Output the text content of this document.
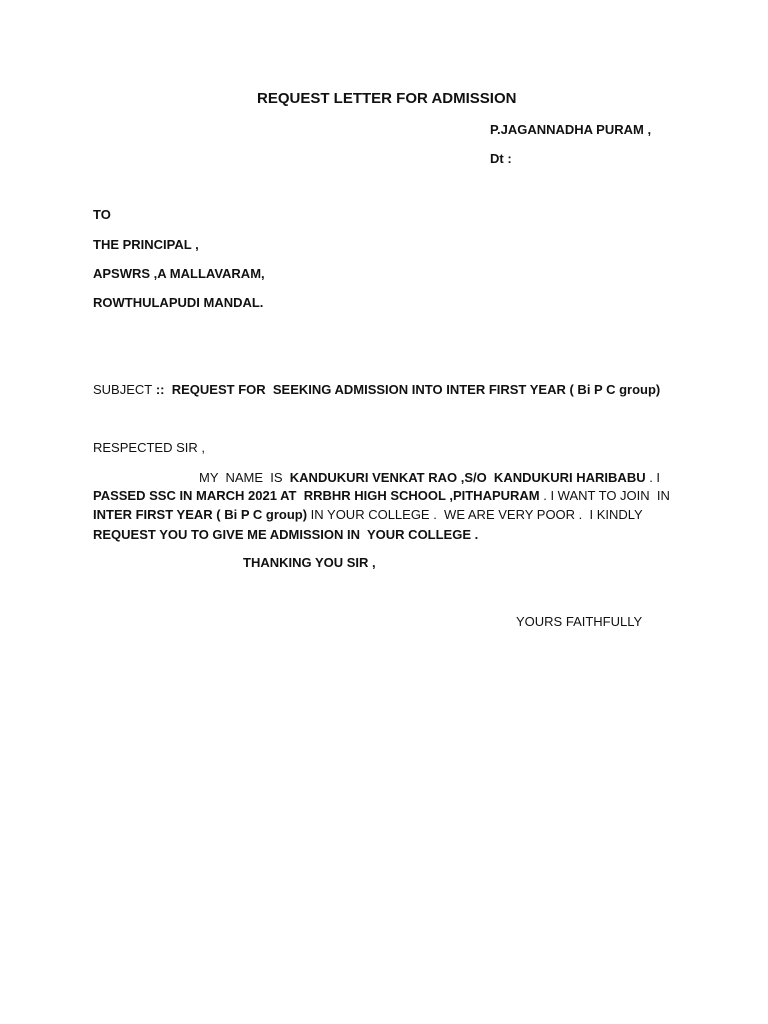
REQUEST LETTER FOR ADMISSION
P.JAGANNADHA PURAM ,
Dt :
TO
THE PRINCIPAL ,
APSWRS ,A MALLAVARAM,
ROWTHULAPUDI MANDAL.
SUBJECT ::  REQUEST FOR  SEEKING ADMISSION INTO INTER FIRST YEAR ( Bi P C group)
RESPECTED SIR ,
MY  NAME  IS  KANDUKURI VENKAT RAO ,S/O  KANDUKURI HARIBABU . I
PASSED SSC IN MARCH 2021 AT  RRBHR HIGH SCHOOL ,PITHAPURAM . I WANT TO JOIN  IN
INTER FIRST YEAR ( Bi P C group) IN YOUR COLLEGE .  WE ARE VERY POOR .  I KINDLY
REQUEST YOU TO GIVE ME ADMISSION IN  YOUR COLLEGE .
THANKING YOU SIR ,
YOURS FAITHFULLY
